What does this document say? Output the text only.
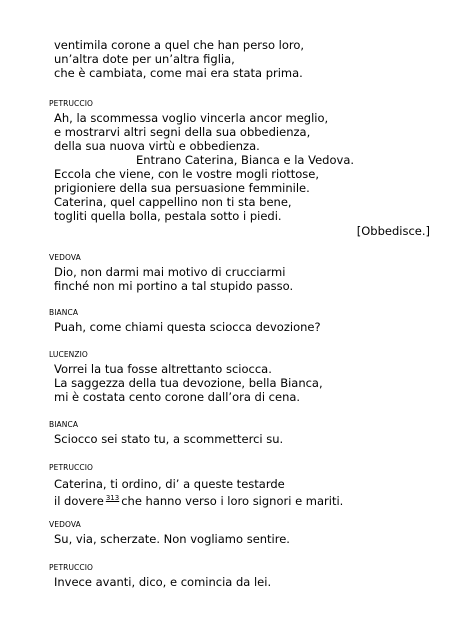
ventimila corone a quel che han perso loro,
un’altra dote per un’altra figlia,
che è cambiata, come mai era stata prima.
PETRUCCIO
Ah, la scommessa voglio vincerla ancor meglio,
e mostrarvi altri segni della sua obbedienza,
della sua nuova virtù e obbedienza.
Entrano Caterina, Bianca e la Vedova.
Eccola che viene, con le vostre mogli riottose,
prigioniere della sua persuasione femminile.
Caterina, quel cappellino non ti sta bene,
togliti quella bolla, pestala sotto i piedi.
[Obbedisce.]
VEDOVA
Dio, non darmi mai motivo di crucciarmi
finché non mi portino a tal stupido passo.
BIANCA
Puah, come chiami questa sciocca devozione?
LUCENZIO
Vorrei la tua fosse altrettanto sciocca.
La saggezza della tua devozione, bella Bianca,
mi è costata cento corone dall’ora di cena.
BIANCA
Sciocco sei stato tu, a scommetterci su.
PETRUCCIO
Caterina, ti ordino, di’ a queste testarde
il dovere $^{313}$ che hanno verso i loro signori e mariti.
VEDOVA
Su, via, scherzate. Non vogliamo sentire.
PETRUCCIO
Invece avanti, dico, e comincia da lei.
